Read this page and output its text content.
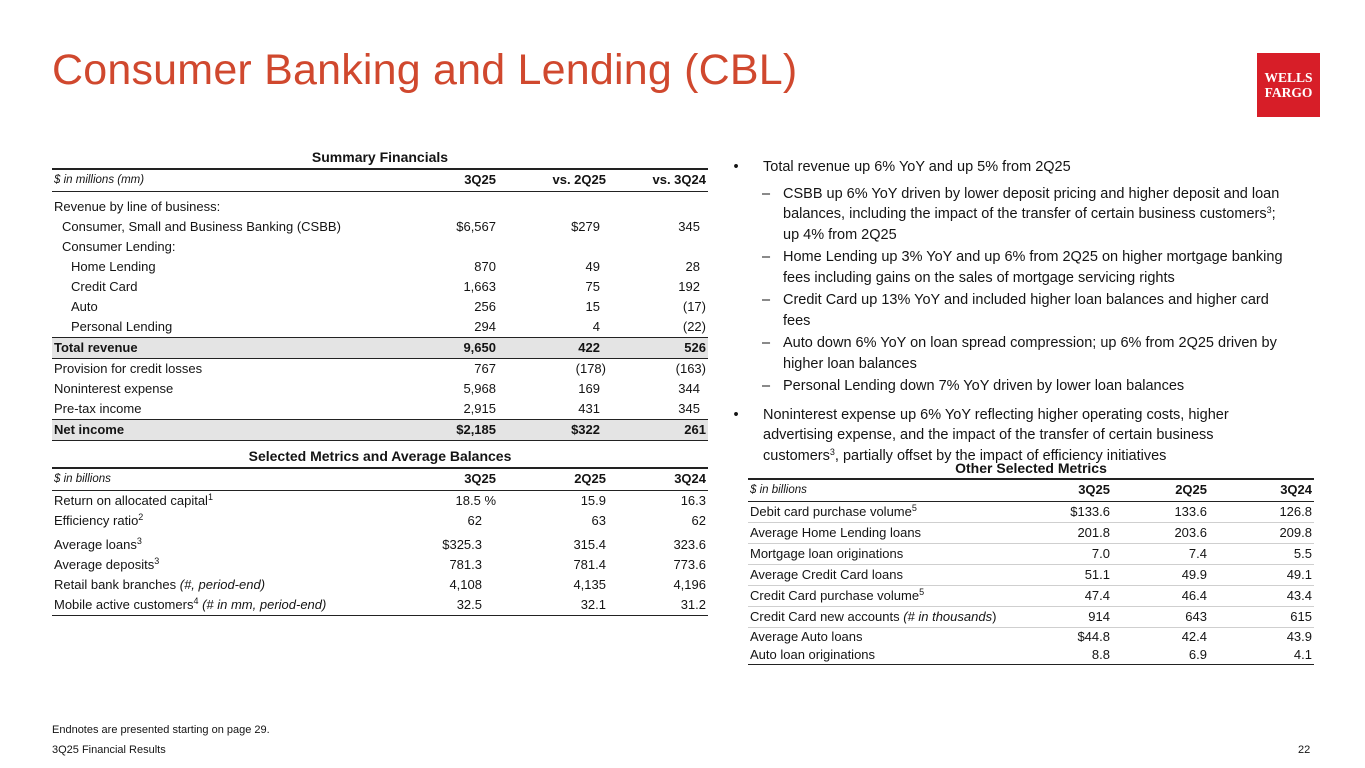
Consumer Banking and Lending (CBL)	WELLS
FARGO
Summary Financials
$ in millions (mm)	3Q25	vs. 2Q25	vs. 3Q24

Revenue by line of business:			
Consumer, Small and Business Banking (CSBB)	$6,567	$279	345
Consumer Lending:			
Home Lending	870	49	28
Credit Card	1,663	75	192
Auto	256	15	(17)
Personal Lending	294	4	(22)
Total revenue	9,650	422	526
Provision for credit losses	767	(178)	(163)
Noninterest expense	5,968	169	344
Pre-tax income	2,915	431	345
Net income	$2,185	$322	261
Selected Metrics and Average Balances
$ in billions	3Q25	2Q25	3Q24
Return on allocated capital$^1$	18.5 %	15.9	16.3
Efficiency ratio$^2$	62	63	62
Average loans$^3$	$325.3	315.4	323.6
Average deposits$^3$	781.3	781.4	773.6
Retail bank branches (#, period-end)	4,108	4,135	4,196
Mobile active customers$^4$ (# in mm, period-end)	32.5	32.1	31.2
• Total revenue up 6% YoY and up 5% from 2Q25
– CSBB up 6% YoY driven by lower deposit pricing and higher deposit and loan balances, including the impact of the transfer of certain business customers$^3$; up 4% from 2Q25
– Home Lending up 3% YoY and up 6% from 2Q25 on higher mortgage banking fees including gains on the sales of mortgage servicing rights
– Credit Card up 13% YoY and included higher loan balances and higher card fees
– Auto down 6% YoY on loan spread compression; up 6% from 2Q25 driven by higher loan balances
– Personal Lending down 7% YoY driven by lower loan balances
• Noninterest expense up 6% YoY reflecting higher operating costs, higher advertising expense, and the impact of the transfer of certain business customers$^3$, partially offset by the impact of efficiency initiatives
Other Selected Metrics
$ in billions	3Q25	2Q25	3Q24
Debit card purchase volume$^5$	$133.6	133.6	126.8
Average Home Lending loans	201.8	203.6	209.8
Mortgage loan originations	7.0	7.4	5.5
Average Credit Card loans	51.1	49.9	49.1
Credit Card purchase volume$^5$	47.4	46.4	43.4
Credit Card new accounts (# in thousands)	914	643	615
Average Auto loans	$44.8	42.4	43.9
Auto loan originations	8.8	6.9	4.1
Endnotes are presented starting on page 29.
3Q25 Financial Results	22
